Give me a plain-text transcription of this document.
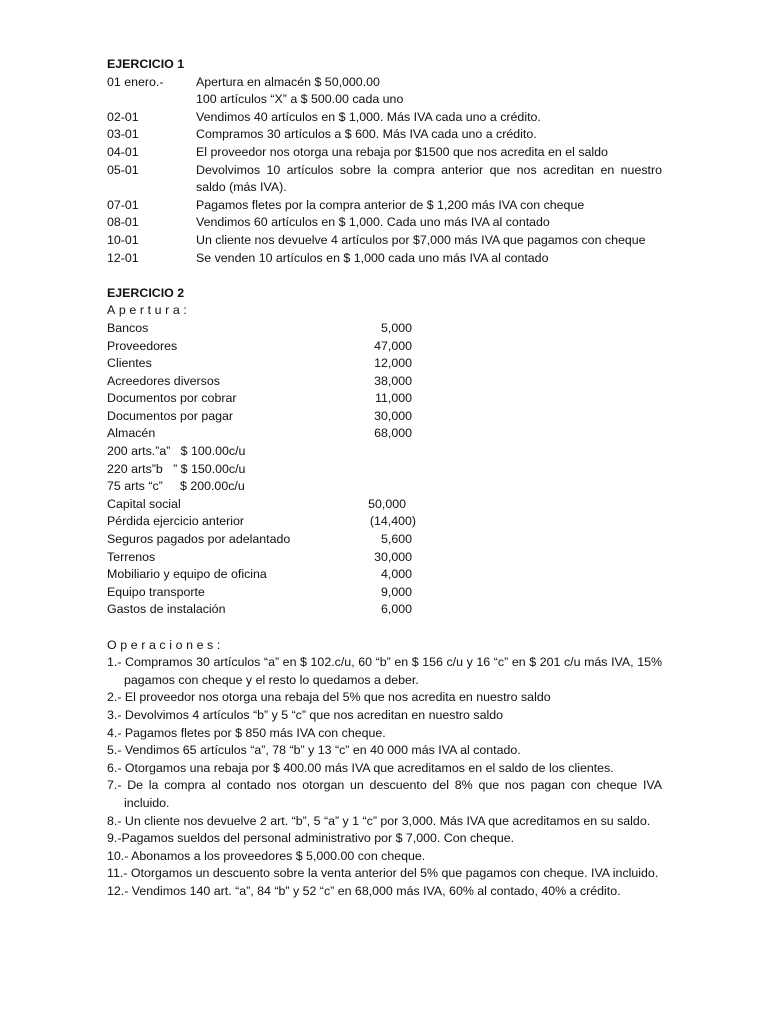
EJERCICIO 1
01 enero.-	Apertura en almacén $ 50,000.00
100 artículos “X” a $ 500.00 cada uno
02-01	Vendimos 40 artículos en $ 1,000. Más IVA cada uno a crédito.
03-01	Compramos 30 artículos a $ 600. Más IVA cada uno a crédito.
04-01	El proveedor nos otorga una rebaja por $1500 que nos acredita en el saldo
05-01	Devolvimos 10 artículos sobre la compra anterior que nos acreditan en nuestro saldo (más IVA).
07-01	Pagamos fletes por la compra anterior de $ 1,200 más IVA con cheque
08-01	Vendimos 60 artículos en $ 1,000. Cada uno más IVA al contado
10-01	Un cliente nos devuelve 4 artículos por $7,000 más IVA que pagamos con cheque
12-01	Se venden 10 artículos en $ 1,000 cada uno más IVA al contado
EJERCICIO 2
Apertura:
Bancos	5,000
Proveedores	47,000
Clientes	12,000
Acreedores diversos	38,000
Documentos por cobrar	11,000
Documentos por pagar	30,000
Almacén	68,000
200 arts.”a”   $ 100.00c/u
220 arts”b   ” $ 150.00c/u
75 arts “c”     $ 200.00c/u
Capital social	50,000
Pérdida ejercicio anterior	(14,400)
Seguros pagados por adelantado	5,600
Terrenos	30,000
Mobiliario y equipo de oficina	4,000
Equipo transporte	9,000
Gastos de instalación	6,000
Operaciones:
1.- Compramos 30 artículos “a” en $ 102.c/u, 60 “b” en $ 156 c/u y 16 “c” en $ 201 c/u más IVA, 15% pagamos con cheque y el resto lo quedamos a deber.
2.- El proveedor nos otorga una rebaja del 5% que nos acredita en nuestro saldo
3.- Devolvimos 4 artículos “b” y 5 “c” que nos acreditan en nuestro saldo
4.- Pagamos fletes por $ 850 más IVA con cheque.
5.- Vendimos 65 artículos “a”, 78 “b” y 13 “c” en 40 000 más IVA al contado.
6.- Otorgamos una rebaja por $ 400.00 más IVA que acreditamos en el saldo de los clientes.
7.- De la compra al contado nos otorgan un descuento del 8% que nos pagan con cheque IVA incluido.
8.- Un cliente nos devuelve 2 art. “b”, 5 “a” y 1 “c” por 3,000. Más IVA que acreditamos en su saldo.
9.-Pagamos sueldos del personal administrativo por $ 7,000. Con cheque.
10.- Abonamos a los proveedores $ 5,000.00 con cheque.
11.- Otorgamos un descuento sobre la venta anterior del 5% que pagamos con cheque. IVA incluido.
12.- Vendimos 140 art. “a”, 84 “b” y 52 “c” en 68,000 más IVA, 60% al contado, 40% a crédito.
